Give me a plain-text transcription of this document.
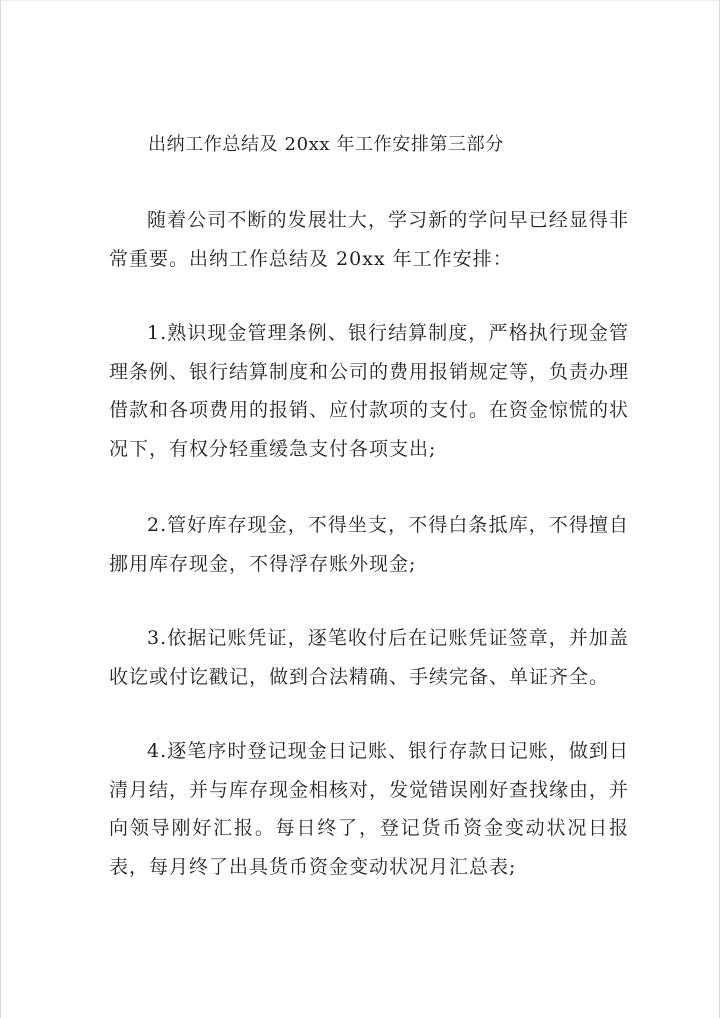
出纳工作总结及 20xx 年工作安排第三部分

随着公司不断的发展壮大，学习新的学问早已经显得非常重要。出纳工作总结及 20xx 年工作安排：

1.熟识现金管理条例、银行结算制度，严格执行现金管理条例、银行结算制度和公司的费用报销规定等，负责办理借款和各项费用的报销、应付款项的支付。在资金惊慌的状况下，有权分轻重缓急支付各项支出;

2.管好库存现金，不得坐支，不得白条抵库，不得擅自挪用库存现金，不得浮存账外现金;

3.依据记账凭证，逐笔收付后在记账凭证签章，并加盖收讫或付讫戳记，做到合法精确、手续完备、单证齐全。

4.逐笔序时登记现金日记账、银行存款日记账，做到日清月结，并与库存现金相核对，发觉错误刚好查找缘由，并向领导刚好汇报。每日终了，登记货币资金变动状况日报表，每月终了出具货币资金变动状况月汇总表;
